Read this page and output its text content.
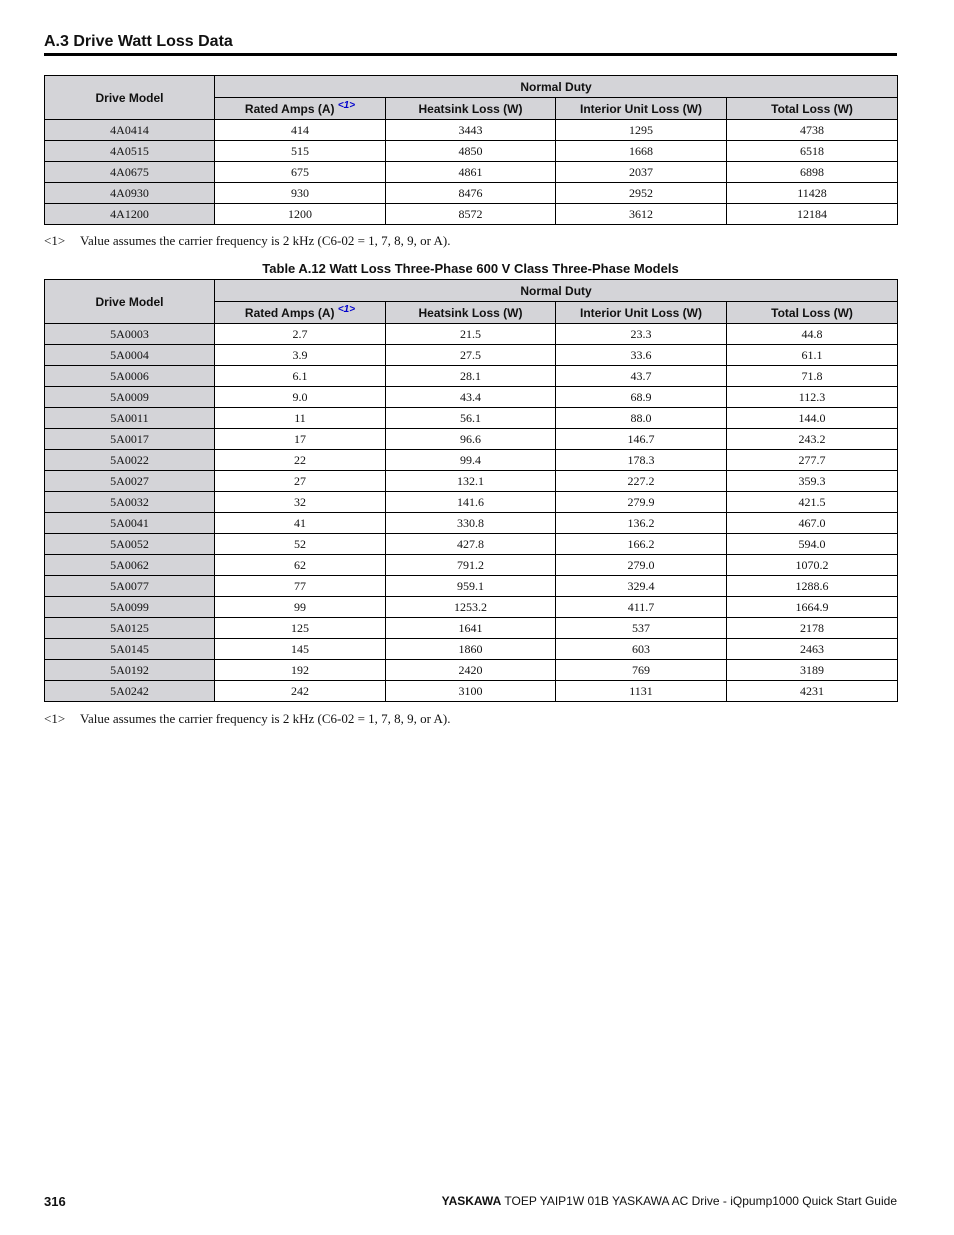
A.3 Drive Watt Loss Data
Drive Model	Normal Duty			
	Rated Amps (A) $^{<1>}$	Heatsink Loss (W)	Interior Unit Loss (W)	Total Loss (W)
4A0414	414	3443	1295	4738
4A0515	515	4850	1668	6518
4A0675	675	4861	2037	6898
4A0930	930	8476	2952	11428
4A1200	1200	8572	3612	12184
<1> Value assumes the carrier frequency is 2 kHz (C6-02 = 1, 7, 8, 9, or A).
Table A.12 Watt Loss Three-Phase 600 V Class Three-Phase Models
Drive Model	Normal Duty			
	Rated Amps (A) $^{<1>}$	Heatsink Loss (W)	Interior Unit Loss (W)	Total Loss (W)
5A0003	2.7	21.5	23.3	44.8
5A0004	3.9	27.5	33.6	61.1
5A0006	6.1	28.1	43.7	71.8
5A0009	9.0	43.4	68.9	112.3
5A0011	11	56.1	88.0	144.0
5A0017	17	96.6	146.7	243.2
5A0022	22	99.4	178.3	277.7
5A0027	27	132.1	227.2	359.3
5A0032	32	141.6	279.9	421.5
5A0041	41	330.8	136.2	467.0
5A0052	52	427.8	166.2	594.0
5A0062	62	791.2	279.0	1070.2
5A0077	77	959.1	329.4	1288.6
5A0099	99	1253.2	411.7	1664.9
5A0125	125	1641	537	2178
5A0145	145	1860	603	2463
5A0192	192	2420	769	3189
5A0242	242	3100	1131	4231
<1> Value assumes the carrier frequency is 2 kHz (C6-02 = 1, 7, 8, 9, or A).
316	YASKAWA TOEP YAIP1W 01B YASKAWA AC Drive - iQpump1000 Quick Start Guide
